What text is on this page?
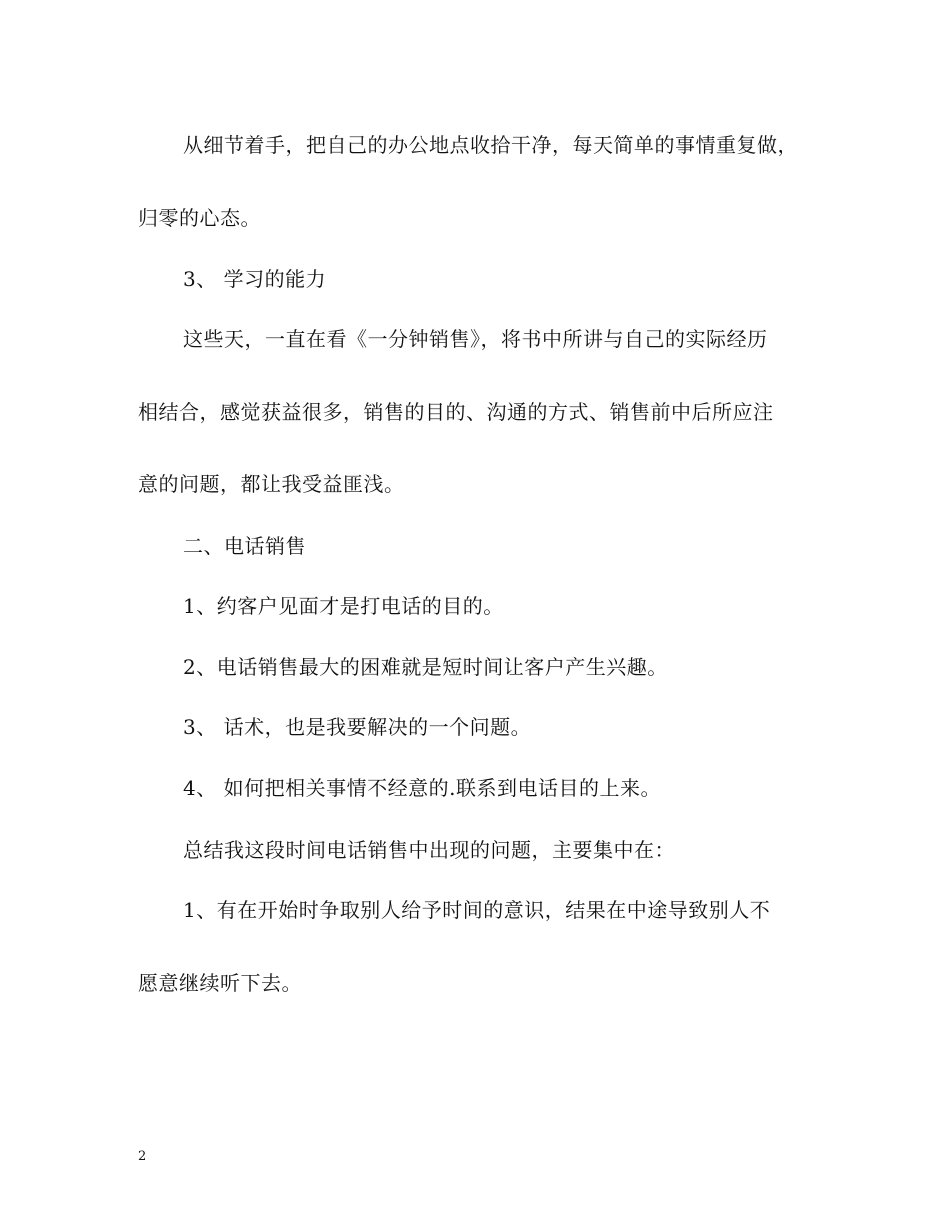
从细节着手，把自己的办公地点收拾干净，每天简单的事情重复做，

归零的心态。

3、 学习的能力

这些天，一直在看《一分钟销售》，将书中所讲与自己的实际经历

相结合，感觉获益很多，销售的目的、沟通的方式、销售前中后所应注

意的问题，都让我受益匪浅。

二、电话销售

1、约客户见面才是打电话的目的。

2、电话销售最大的困难就是短时间让客户产生兴趣。

3、 话术，也是我要解决的一个问题。

4、 如何把相关事情不经意的.联系到电话目的上来。

总结我这段时间电话销售中出现的问题，主要集中在：

1、有在开始时争取别人给予时间的意识，结果在中途导致别人不

愿意继续听下去。

2
